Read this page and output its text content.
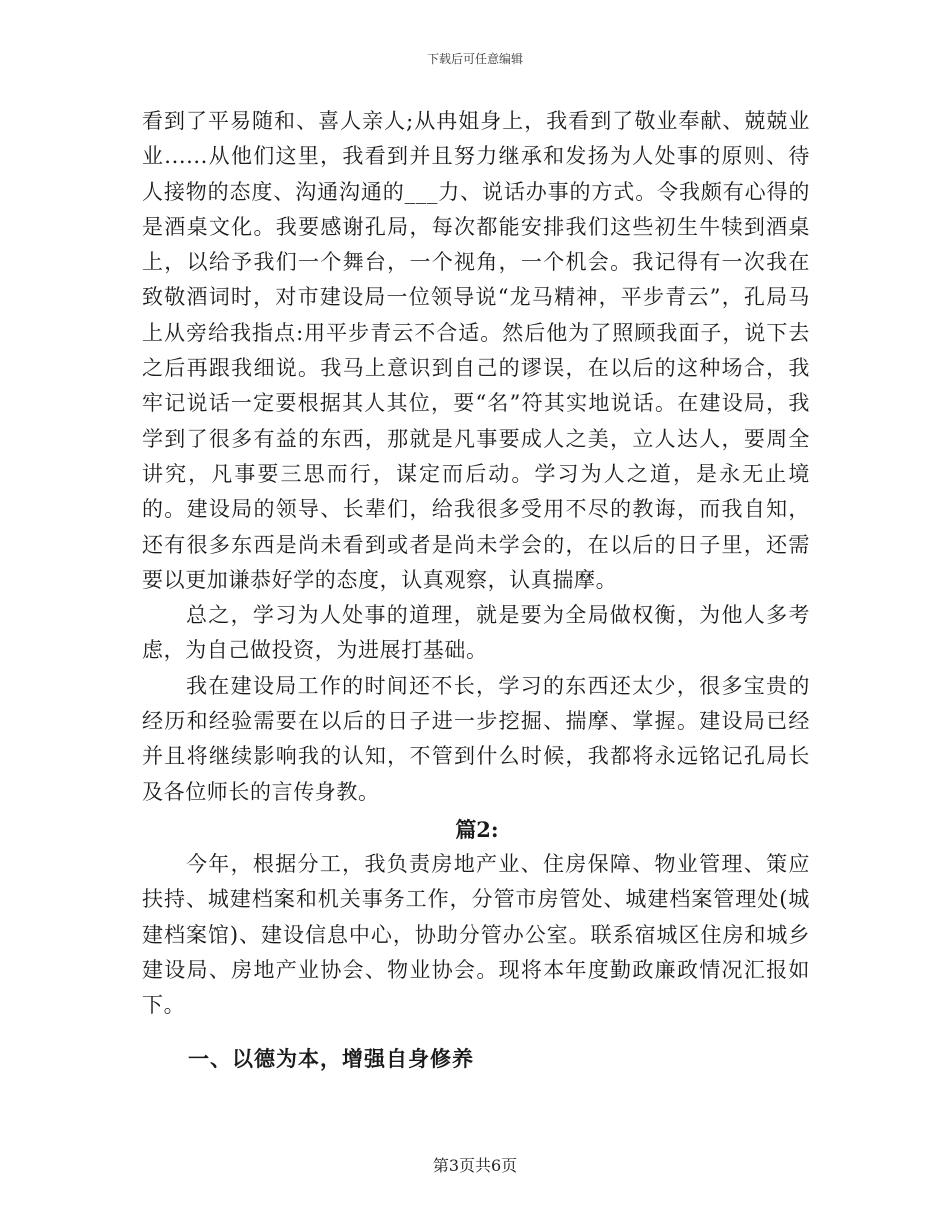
下载后可任意编辑

看到了平易随和、喜人亲人;从冉姐身上，我看到了敬业奉献、兢兢业业......从他们这里，我看到并且努力继承和发扬为人处事的原则、待人接物的态度、沟通沟通的___力、说话办事的方式。令我颇有心得的是酒桌文化。我要感谢孔局，每次都能安排我们这些初生牛犊到酒桌上，以给予我们一个舞台，一个视角，一个机会。我记得有一次我在致敬酒词时，对市建设局一位领导说“龙马精神，平步青云”，孔局马上从旁给我指点:用平步青云不合适。然后他为了照顾我面子，说下去之后再跟我细说。我马上意识到自己的谬误，在以后的这种场合，我牢记说话一定要根据其人其位，要“名”符其实地说话。在建设局，我学到了很多有益的东西，那就是凡事要成人之美，立人达人，要周全讲究，凡事要三思而行，谋定而后动。学习为人之道，是永无止境的。建设局的领导、长辈们，给我很多受用不尽的教诲，而我自知，还有很多东西是尚未看到或者是尚未学会的，在以后的日子里，还需要以更加谦恭好学的态度，认真观察，认真揣摩。

总之，学习为人处事的道理，就是要为全局做权衡，为他人多考虑，为自己做投资，为进展打基础。

我在建设局工作的时间还不长，学习的东西还太少，很多宝贵的经历和经验需要在以后的日子进一步挖掘、揣摩、掌握。建设局已经并且将继续影响我的认知，不管到什么时候，我都将永远铭记孔局长及各位师长的言传身教。

篇2:

今年，根据分工，我负责房地产业、住房保障、物业管理、策应扶持、城建档案和机关事务工作，分管市房管处、城建档案管理处(城建档案馆)、建设信息中心，协助分管办公室。联系宿城区住房和城乡建设局、房地产业协会、物业协会。现将本年度勤政廉政情况汇报如下。

一、以德为本，增强自身修养
第3页共6页
